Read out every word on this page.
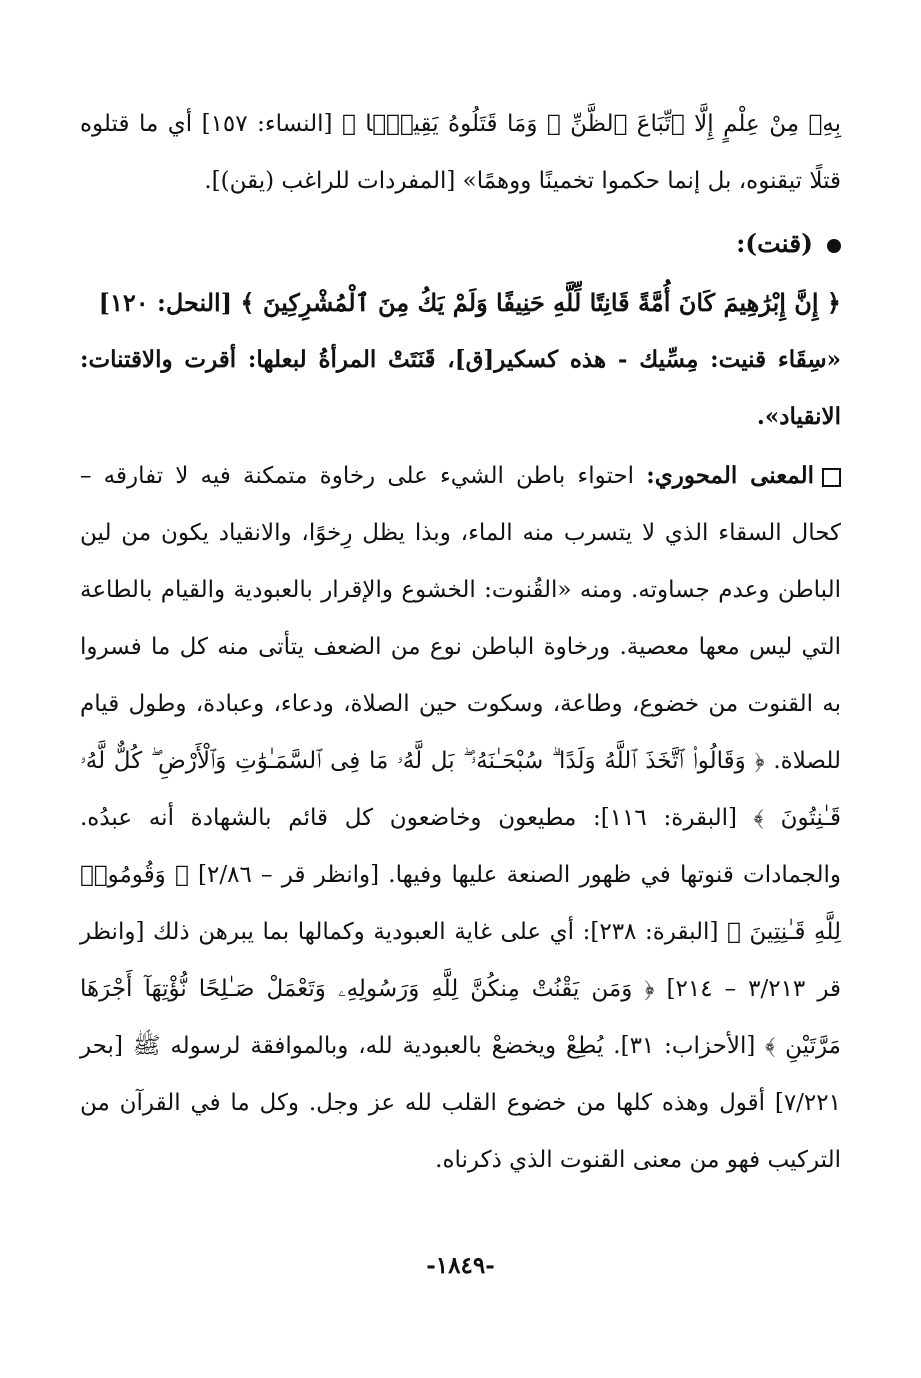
بِهِۦ مِنْ عِلْمٍ إِلَّا ٱتِّبَاعَ ٱلظَّنِّ ۚ وَمَا قَتَلُوهُ يَقِينًۢا ﴾ [النساء: ١٥٧] أي ما قتلوه قتلًا تيقنوه، بل إنما حكموا تخمينًا ووهمًا» [المفردات للراغب (يقن)].

(قنت):

﴿ إِنَّ إِبْرَٰهِيمَ كَانَ أُمَّةً قَانِتًا لِّلَّهِ حَنِيفًا وَلَمْ يَكُ مِنَ ٱلْمُشْرِكِينَ ﴾ [النحل: ١٢٠]

«سِقَاء قنيت: مِسِّيك - هذه كسكير[ق]، قَنَتَتْ المرأةُ لبعلها: أقرت والاقتنات: الانقياد».

المعنى المحوري: احتواء باطن الشيء على رخاوة متمكنة فيه لا تفارقه – كحال السقاء الذي لا يتسرب منه الماء، وبذا يظل رِخوًا، والانقياد يكون من لين الباطن وعدم جساوته. ومنه «القُنوت: الخشوع والإقرار بالعبودية والقيام بالطاعة التي ليس معها معصية. ورخاوة الباطن نوع من الضعف يتأتى منه كل ما فسروا به القنوت من خضوع، وطاعة، وسكوت حين الصلاة، ودعاء، وعبادة، وطول قيام للصلاة. ﴿ وَقَالُوا۟ ٱتَّخَذَ ٱللَّهُ وَلَدًا ۗ سُبْحَـٰنَهُۥ ۖ بَل لَّهُۥ مَا فِى ٱلسَّمَـٰوَٰتِ وَٱلْأَرْضِ ۖ كُلٌّ لَّهُۥ قَـٰنِتُونَ ﴾ [البقرة: ١١٦]: مطيعون وخاضعون كل قائم بالشهادة أنه عبدُه. والجمادات قنوتها في ظهور الصنعة عليها وفيها. [وانظر قر – ٢/٨٦] ﴿ وَقُومُوا۟ لِلَّهِ قَـٰنِتِينَ ﴾ [البقرة: ٢٣٨]: أي على غاية العبودية وكمالها بما يبرهن ذلك [وانظر قر ٣/٢١٣ – ٢١٤] ﴿ وَمَن يَقْنُتْ مِنكُنَّ لِلَّهِ وَرَسُولِهِۦ وَتَعْمَلْ صَـٰلِحًا نُّؤْتِهَآ أَجْرَهَا مَرَّتَيْنِ ﴾ [الأحزاب: ٣١]. يُطِعْ ويخضعْ بالعبودية لله، وبالموافقة لرسوله ﷺ [بحر ٧/٢٢١] أقول وهذه كلها من خضوع القلب لله عز وجل. وكل ما في القرآن من التركيب فهو من معنى القنوت الذي ذكرناه.

-١٨٤٩-
